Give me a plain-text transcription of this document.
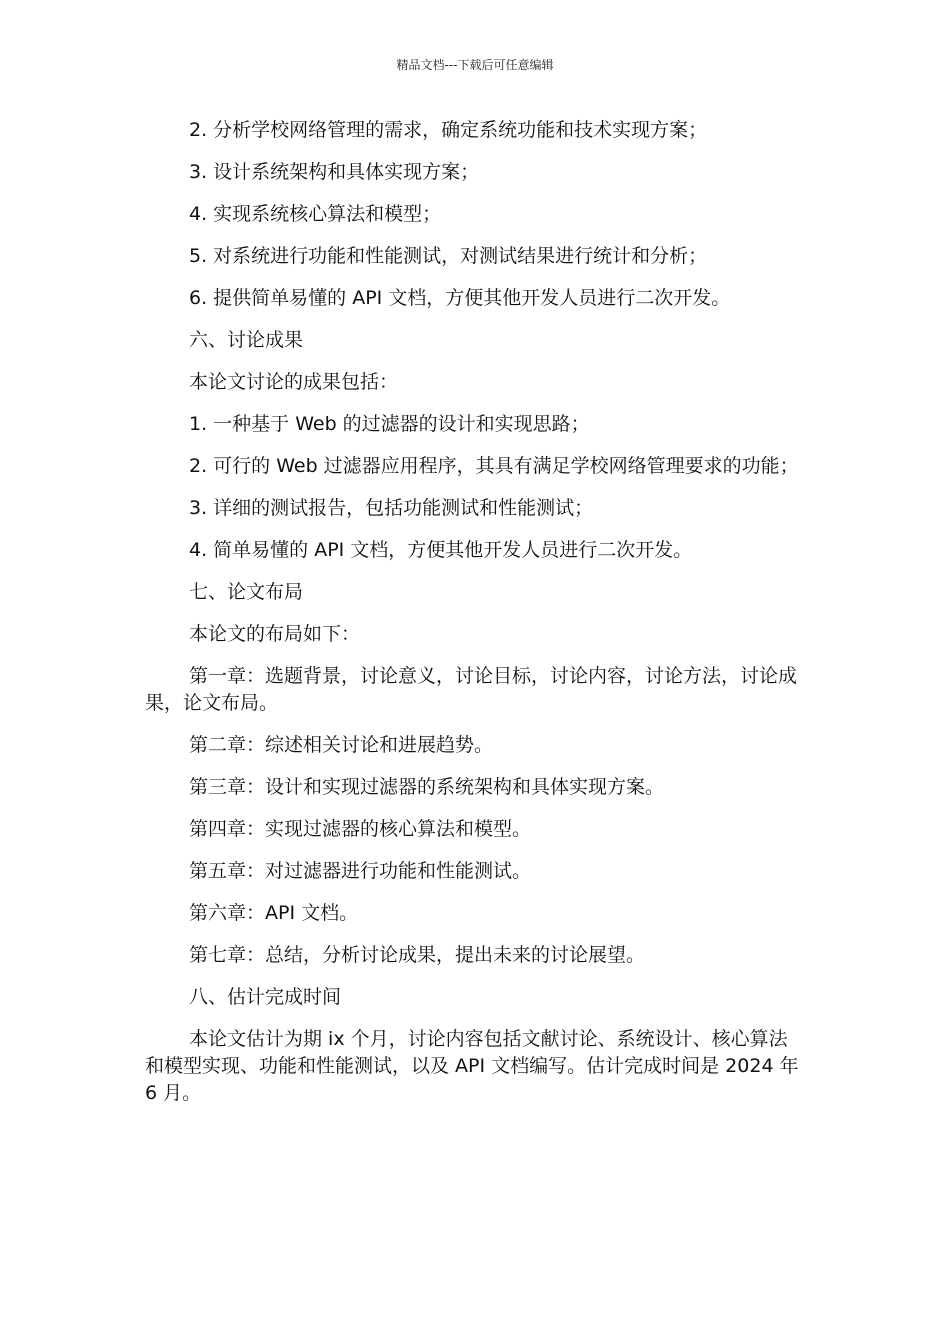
精品文档---下载后可任意编辑

2. 分析学校网络管理的需求，确定系统功能和技术实现方案；

3. 设计系统架构和具体实现方案；

4. 实现系统核心算法和模型；

5. 对系统进行功能和性能测试，对测试结果进行统计和分析；

6. 提供简单易懂的 API 文档，方便其他开发人员进行二次开发。

六、讨论成果

本论文讨论的成果包括：

1. 一种基于 Web 的过滤器的设计和实现思路；

2. 可行的 Web 过滤器应用程序，其具有满足学校网络管理要求的功能；

3. 详细的测试报告，包括功能测试和性能测试；

4. 简单易懂的 API 文档，方便其他开发人员进行二次开发。

七、论文布局

本论文的布局如下：

第一章：选题背景，讨论意义，讨论目标，讨论内容，讨论方法，讨论成果，论文布局。

第二章：综述相关讨论和进展趋势。

第三章：设计和实现过滤器的系统架构和具体实现方案。

第四章：实现过滤器的核心算法和模型。

第五章：对过滤器进行功能和性能测试。

第六章：API 文档。

第七章：总结，分析讨论成果，提出未来的讨论展望。

八、估计完成时间

本论文估计为期 ix 个月，讨论内容包括文献讨论、系统设计、核心算法和模型实现、功能和性能测试，以及 API 文档编写。估计完成时间是 2024 年 6 月。
